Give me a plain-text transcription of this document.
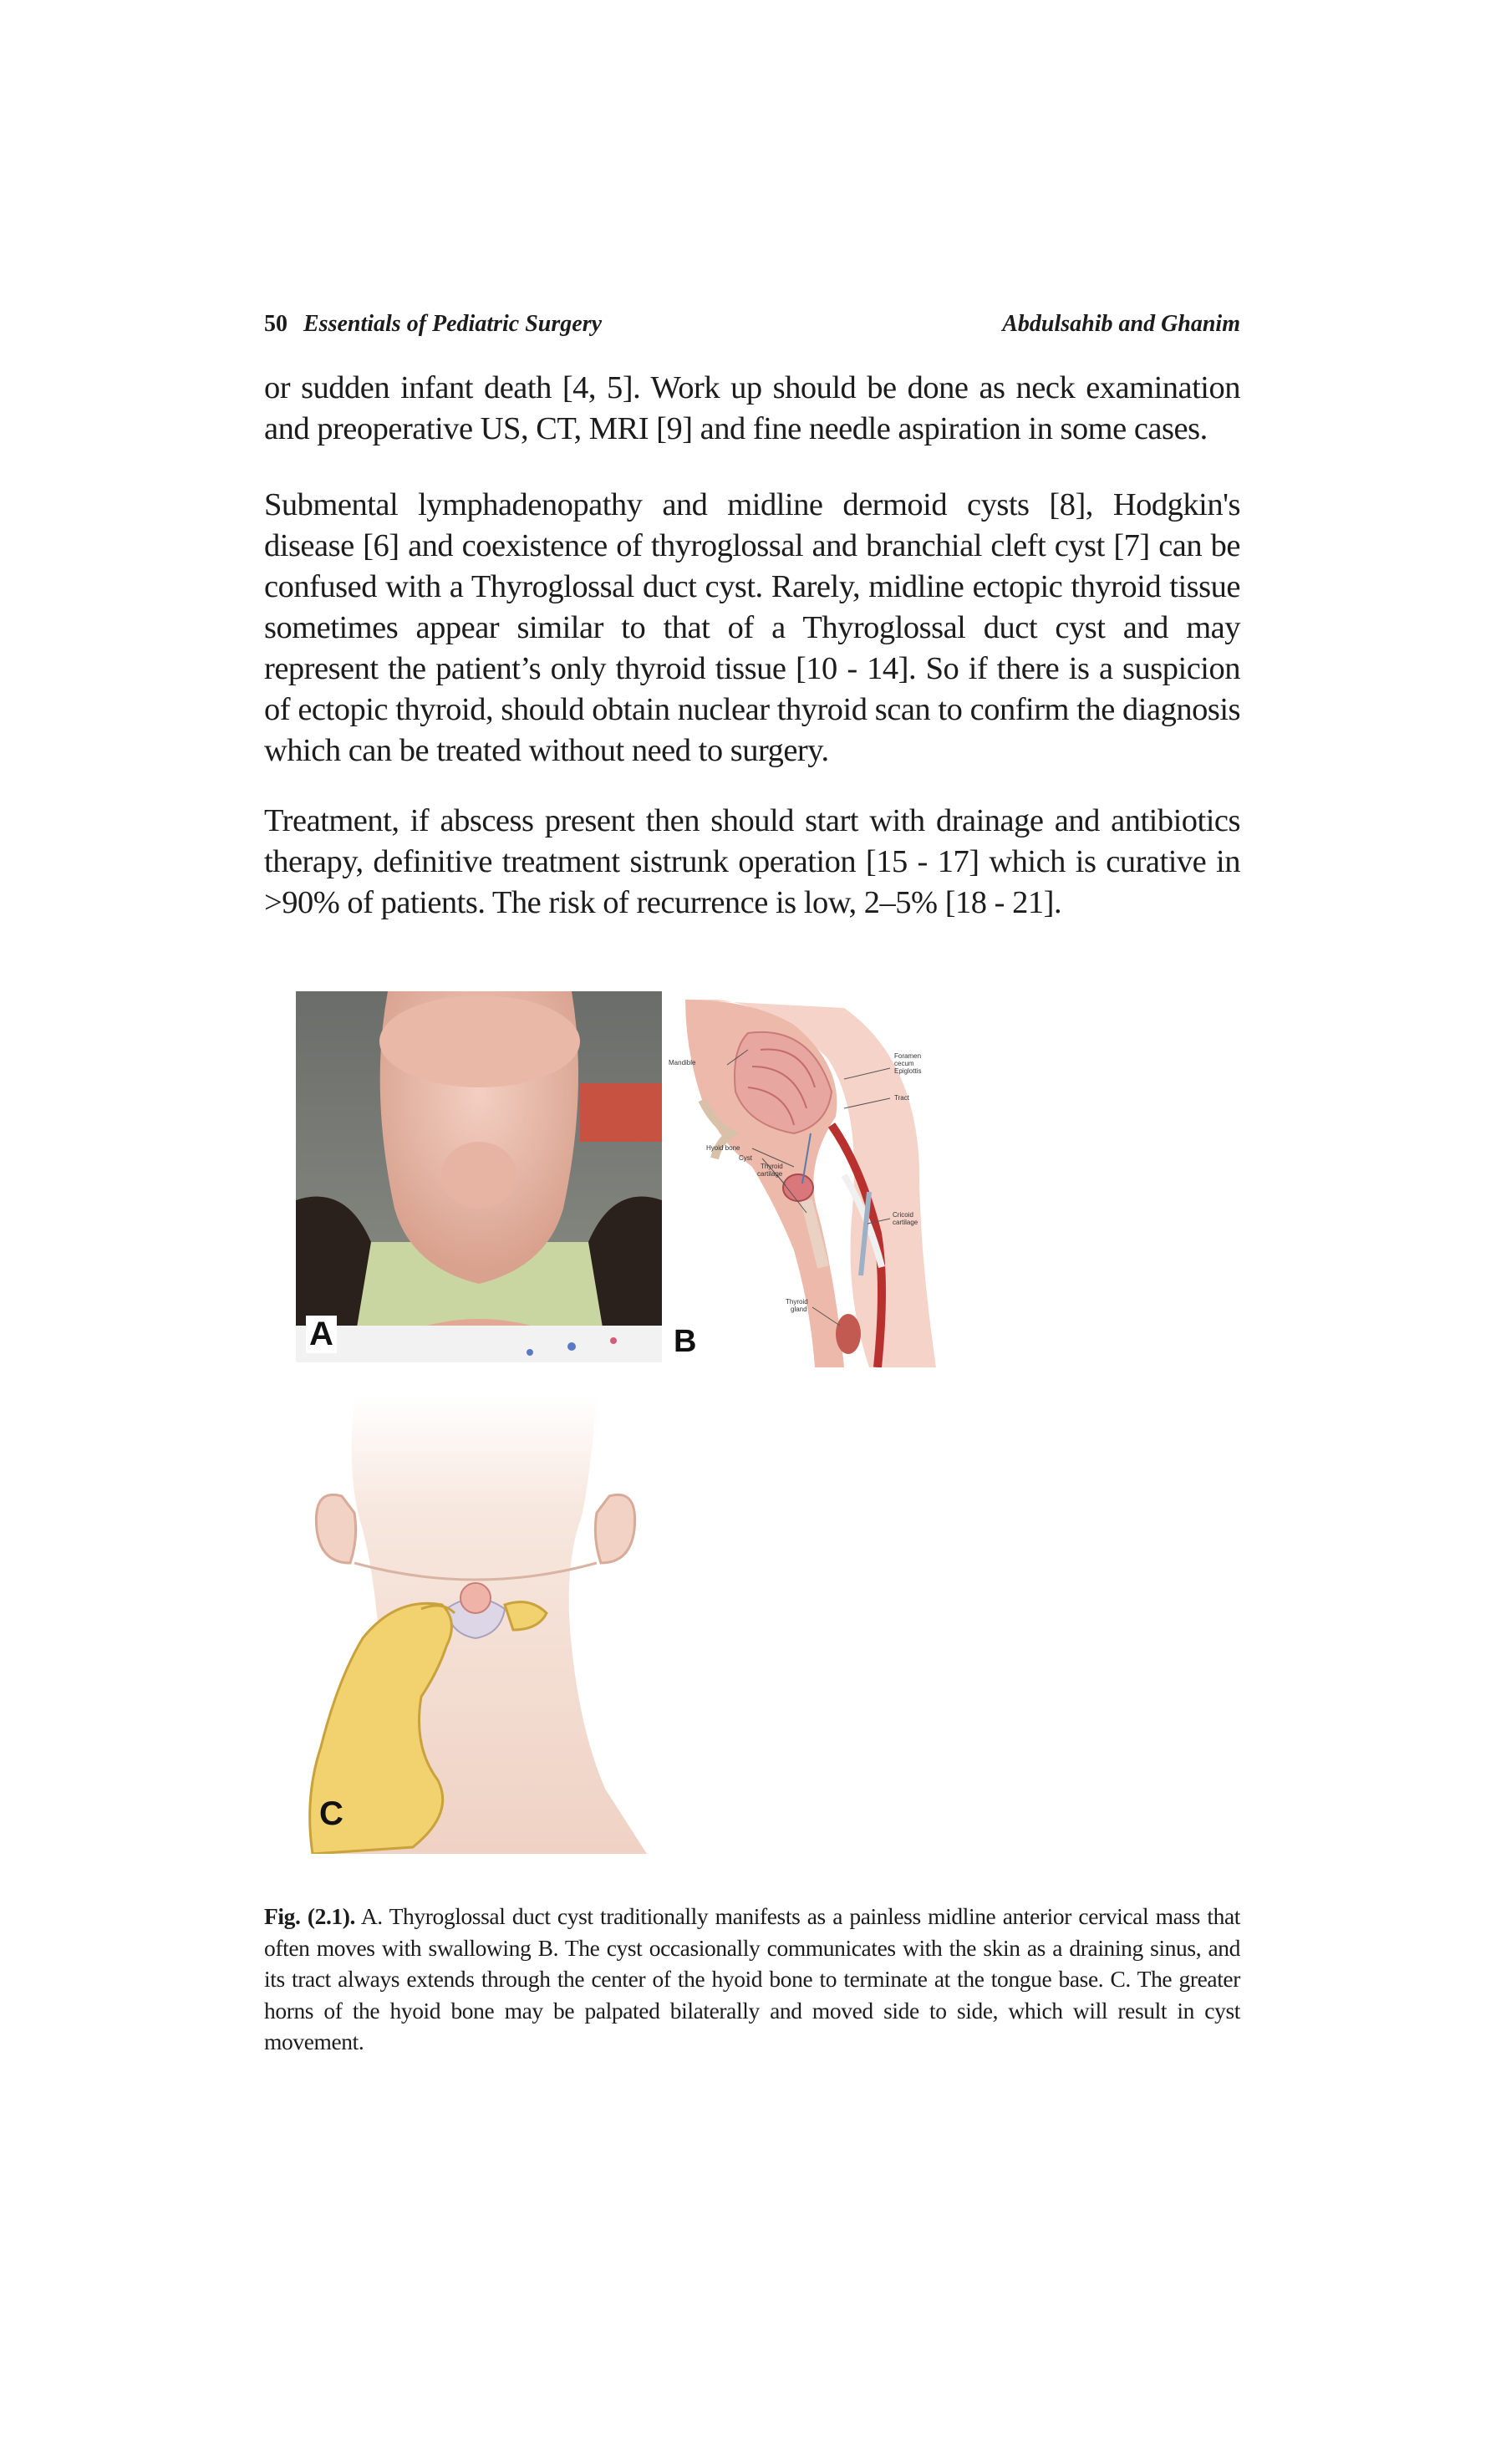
50 Essentials of Pediatric Surgery	Abdulsahib and Ghanim

or sudden infant death [4, 5]. Work up should be done as neck examination and preoperative US, CT, MRI [9] and fine needle aspiration in some cases.

Submental lymphadenopathy and midline dermoid cysts [8], Hodgkin's disease [6] and coexistence of thyroglossal and branchial cleft cyst [7] can be confused with a Thyroglossal duct cyst. Rarely, midline ectopic thyroid tissue sometimes appear similar to that of a Thyroglossal duct cyst and may represent the patient’s only thyroid tissue [10 - 14]. So if there is a suspicion of ectopic thyroid, should obtain nuclear thyroid scan to confirm the diagnosis which can be treated without need to surgery.

Treatment, if abscess present then should start with drainage and antibiotics therapy, definitive treatment sistrunk operation [15 - 17] which is curative in >90% of patients. The risk of recurrence is low, 2–5% [18 - 21].

A
Mandible
Foramen
cecum
Epiglottis
Tract
Hyoid bone
Cyst
Cricoid
cartilage
Thyroid
cartilage
Thyroid
gland
B
C

Fig. (2.1). A. Thyroglossal duct cyst traditionally manifests as a painless midline anterior cervical mass that often moves with swallowing B. The cyst occasionally communicates with the skin as a draining sinus, and its tract always extends through the center of the hyoid bone to terminate at the tongue base. C. The greater horns of the hyoid bone may be palpated bilaterally and moved side to side, which will result in cyst movement.
